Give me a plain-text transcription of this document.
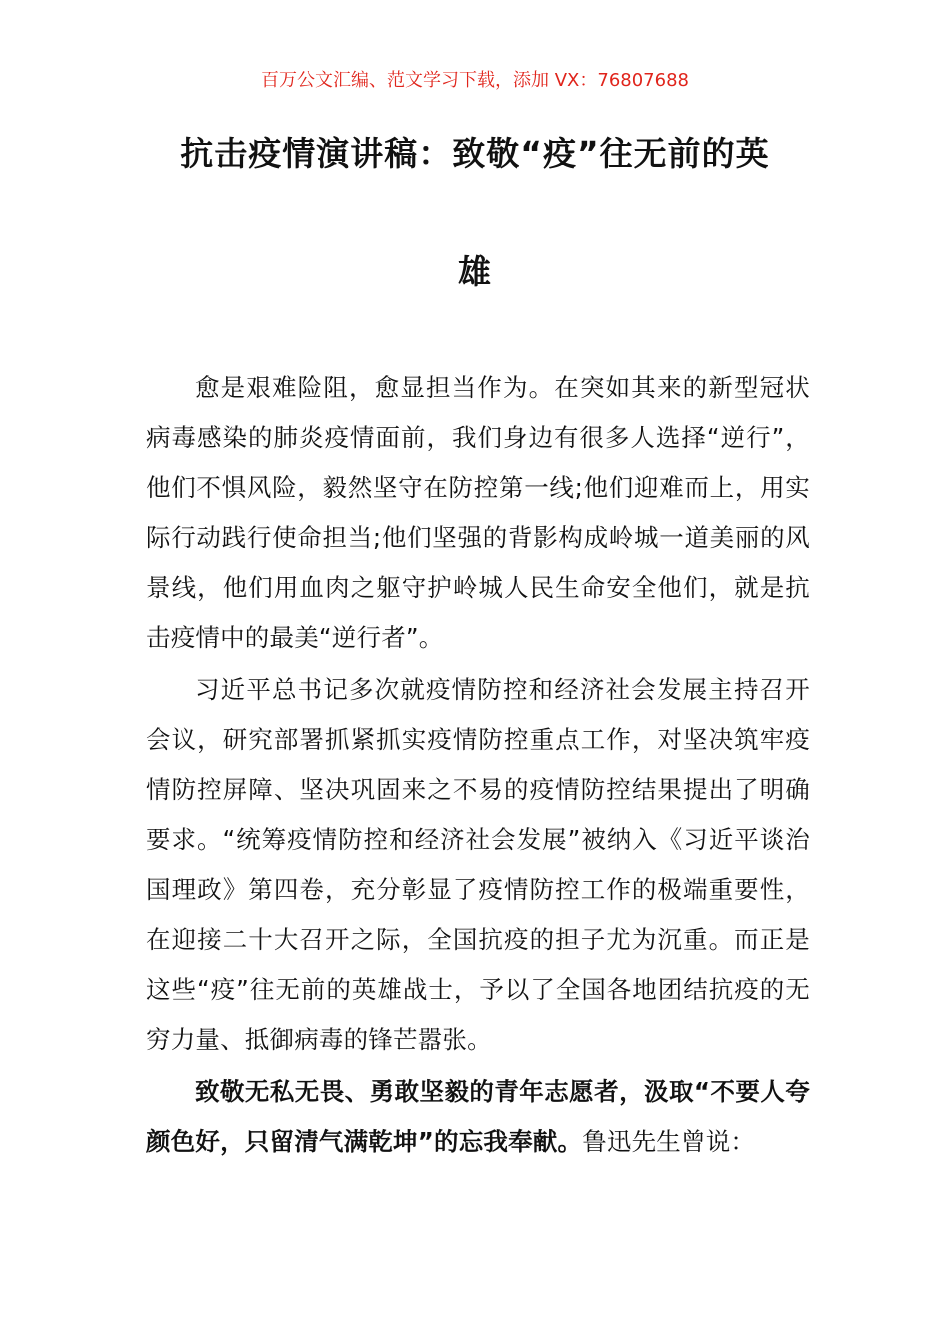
百万公文汇编、范文学习下载，添加 VX：76807688
抗击疫情演讲稿：致敬“疫”往无前的英
雄

愈是艰难险阻，愈显担当作为。在突如其来的新型冠状病毒感染的肺炎疫情面前，我们身边有很多人选择“逆行”，他们不惧风险，毅然坚守在防控第一线;他们迎难而上，用实际行动践行使命担当;他们坚强的背影构成岭城一道美丽的风景线，他们用血肉之躯守护岭城人民生命安全他们，就是抗击疫情中的最美“逆行者”。

习近平总书记多次就疫情防控和经济社会发展主持召开会议，研究部署抓紧抓实疫情防控重点工作，对坚决筑牢疫情防控屏障、坚决巩固来之不易的疫情防控结果提出了明确要求。“统筹疫情防控和经济社会发展”被纳入《习近平谈治国理政》第四卷，充分彰显了疫情防控工作的极端重要性，在迎接二十大召开之际，全国抗疫的担子尤为沉重。而正是这些“疫”往无前的英雄战士，予以了全国各地团结抗疫的无穷力量、抵御病毒的锋芒嚣张。

致敬无私无畏、勇敢坚毅的青年志愿者，汲取“不要人夸颜色好，只留清气满乾坤”的忘我奉献。鲁迅先生曾说：
